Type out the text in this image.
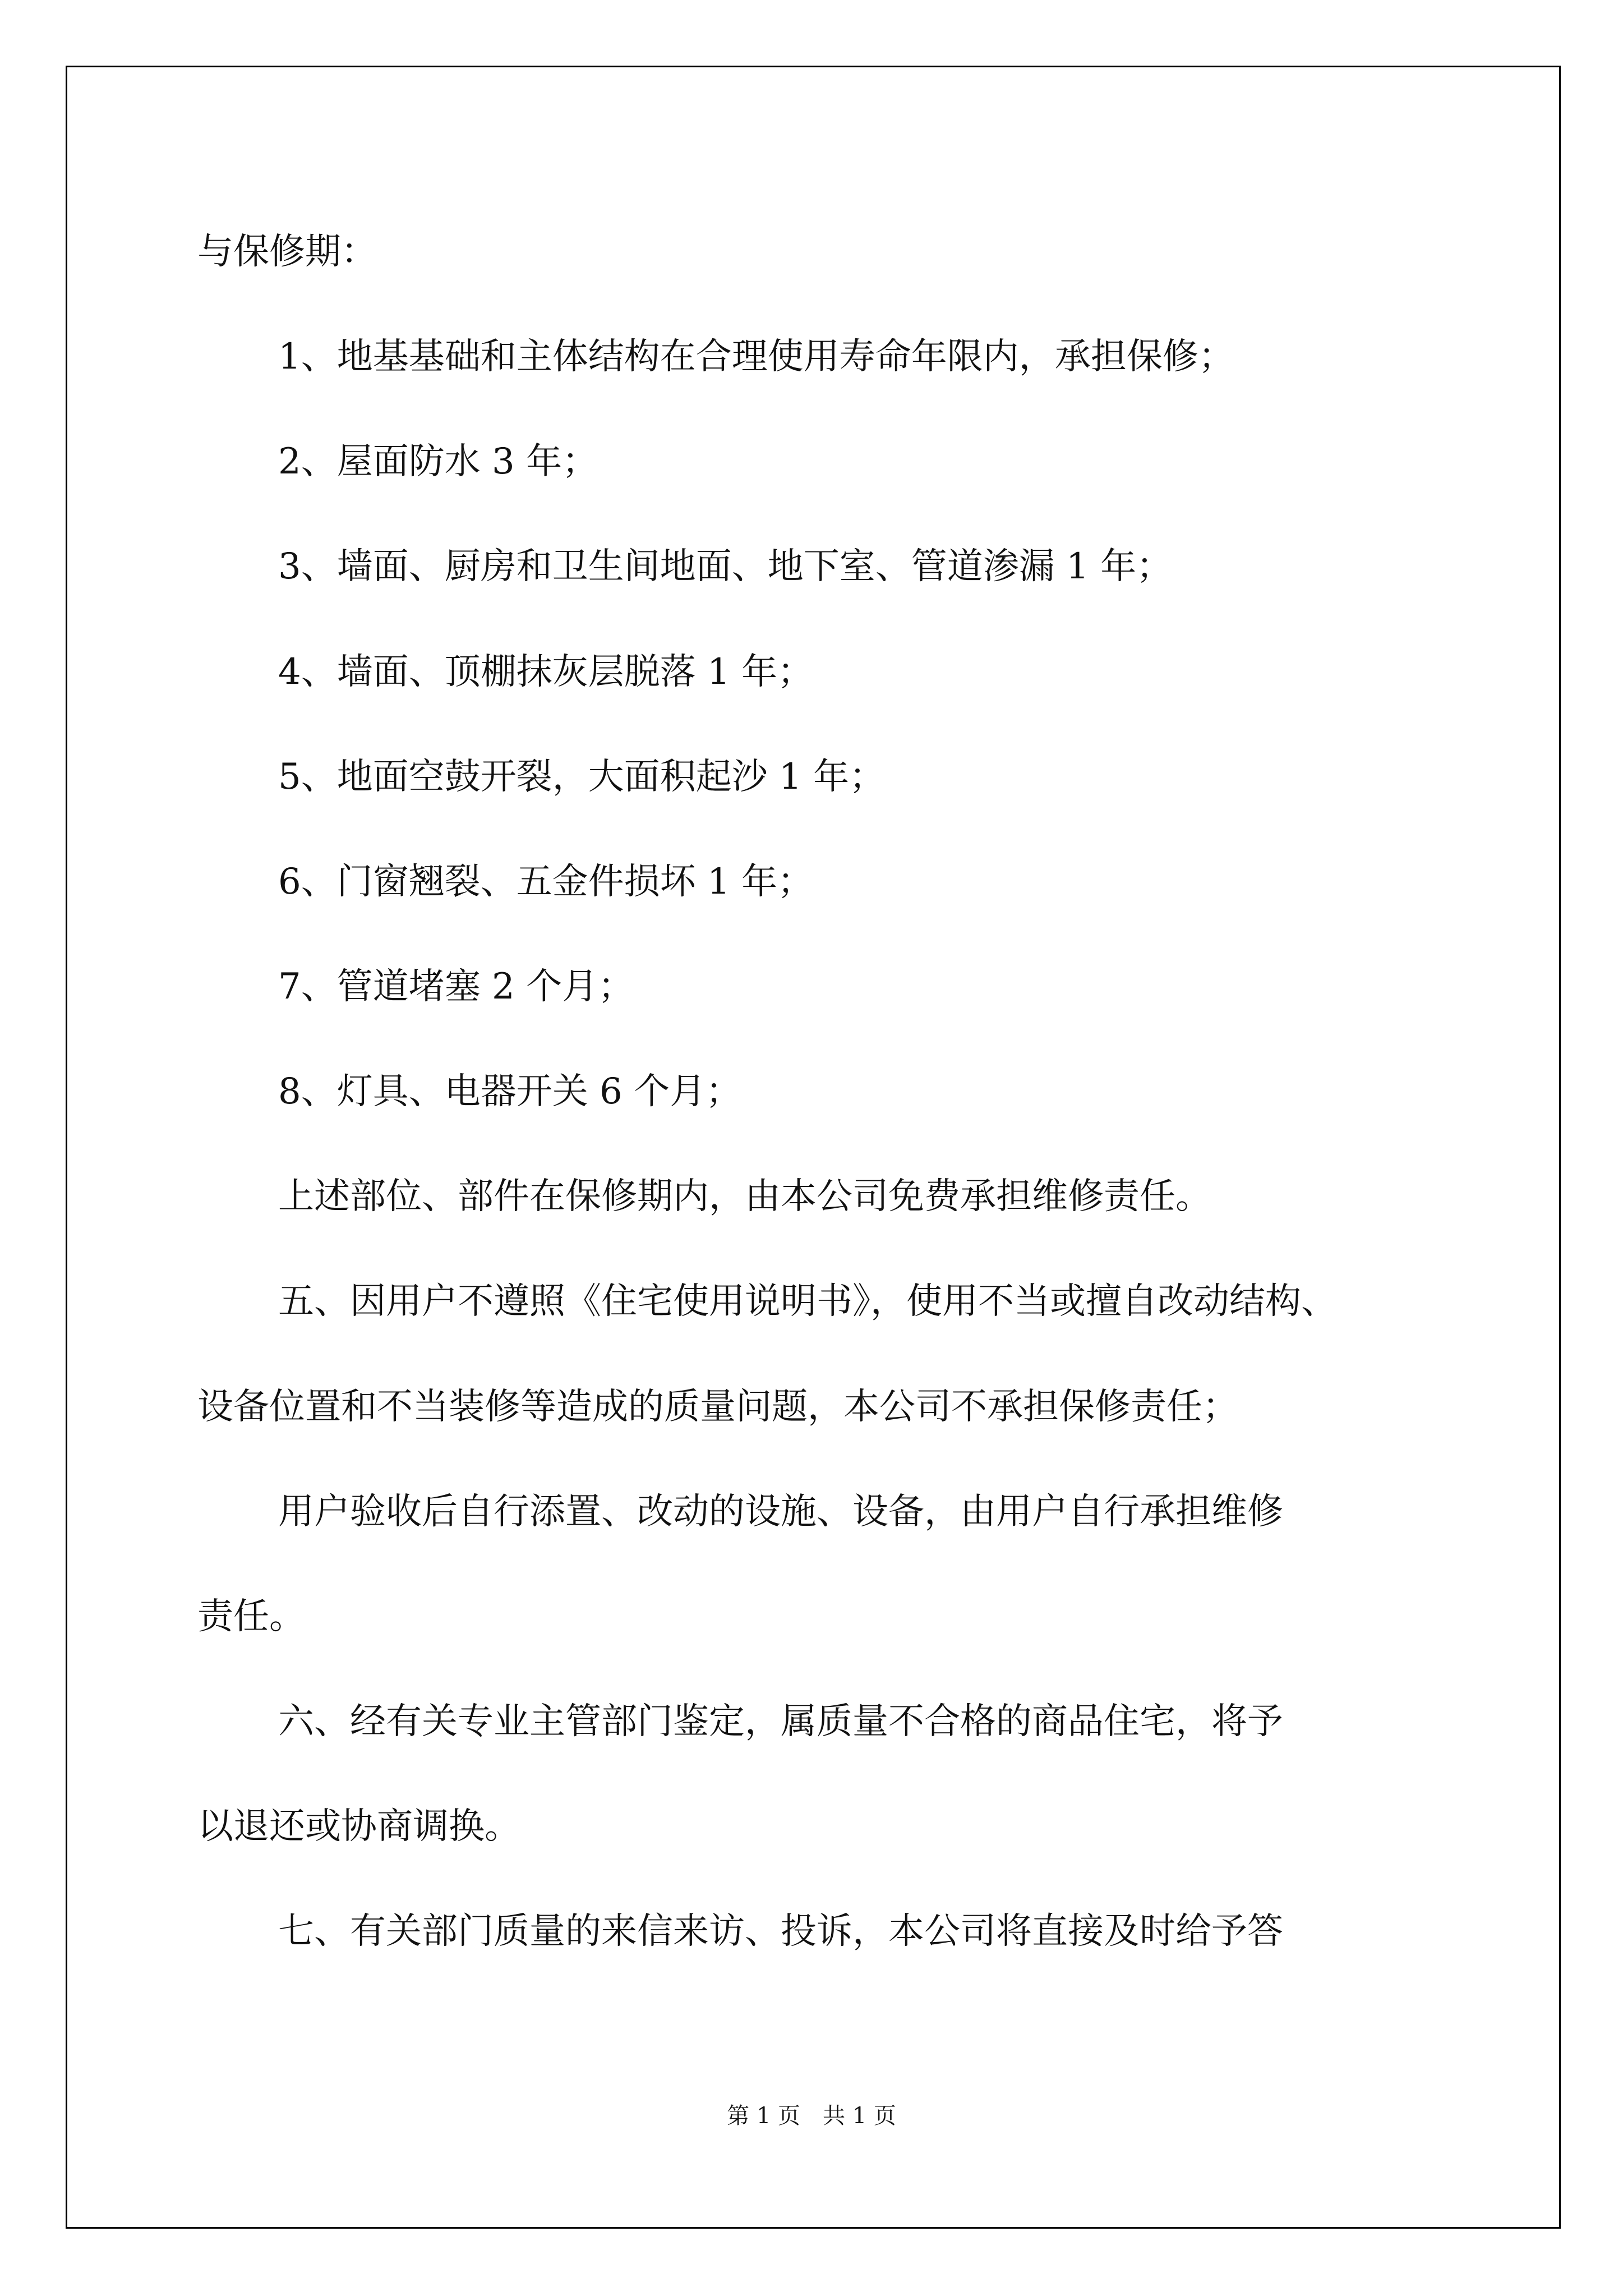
与保修期：
1、地基基础和主体结构在合理使用寿命年限内，承担保修；
2、屋面防水 3 年；
3、墙面、厨房和卫生间地面、地下室、管道渗漏 1 年；
4、墙面、顶棚抹灰层脱落 1 年；
5、地面空鼓开裂，大面积起沙 1 年；
6、门窗翘裂、五金件损坏 1 年；
7、管道堵塞 2 个月；
8、灯具、电器开关 6 个月；
上述部位、部件在保修期内，由本公司免费承担维修责任。
五、因用户不遵照《住宅使用说明书》，使用不当或擅自改动结构、
设备位置和不当装修等造成的质量问题，本公司不承担保修责任；
用户验收后自行添置、改动的设施、设备，由用户自行承担维修
责任。
六、经有关专业主管部门鉴定，属质量不合格的商品住宅，将予
以退还或协商调换。
七、有关部门质量的来信来访、投诉，本公司将直接及时给予答
第 1 页　共 1 页
